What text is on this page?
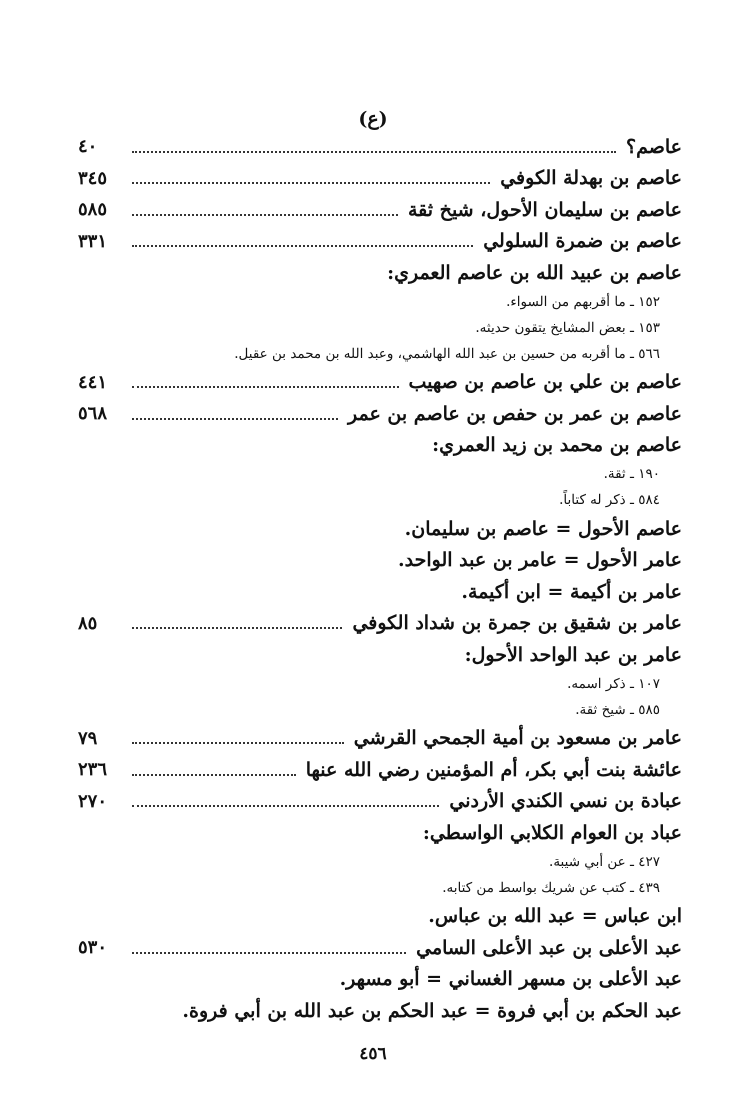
(ع)
عاصم؟
٤٠
عاصم بن بهدلة الكوفي
٣٤٥
عاصم بن سليمان الأحول، شيخ ثقة
٥٨٥
عاصم بن ضمرة السلولي
٣٣١
عاصم بن عبيد الله بن عاصم العمري:
١٥٢ ـ ما أقربهم من السواء.
١٥٣ ـ بعض المشايخ يتقون حديثه.
٥٦٦ ـ ما أقربه من حسين بن عبد الله الهاشمي، وعبد الله بن محمد بن عقيل.
عاصم بن علي بن عاصم بن صهيب
٤٤١
عاصم بن عمر بن حفص بن عاصم بن عمر
٥٦٨
عاصم بن محمد بن زيد العمري:
١٩٠ ـ ثقة.
٥٨٤ ـ ذكر له كتاباً.
عاصم الأحول = عاصم بن سليمان.
عامر الأحول = عامر بن عبد الواحد.
عامر بن أكيمة = ابن أكيمة.
عامر بن شقيق بن جمرة بن شداد الكوفي
٨٥
عامر بن عبد الواحد الأحول:
١٠٧ ـ ذكر اسمه.
٥٨٥ ـ شيخ ثقة.
عامر بن مسعود بن أمية الجمحي القرشي
٧٩
عائشة بنت أبي بكر، أم المؤمنين رضي الله عنها
٢٣٦
عبادة بن نسي الكندي الأردني
٢٧٠
عباد بن العوام الكلابي الواسطي:
٤٢٧ ـ عن أبي شيبة.
٤٣٩ ـ كتب عن شريك بواسط من كتابه.
ابن عباس = عبد الله بن عباس.
عبد الأعلى بن عبد الأعلى السامي
٥٣٠
عبد الأعلى بن مسهر الغساني = أبو مسهر.
عبد الحكم بن أبي فروة = عبد الحكم بن عبد الله بن أبي فروة.
٤٥٦
